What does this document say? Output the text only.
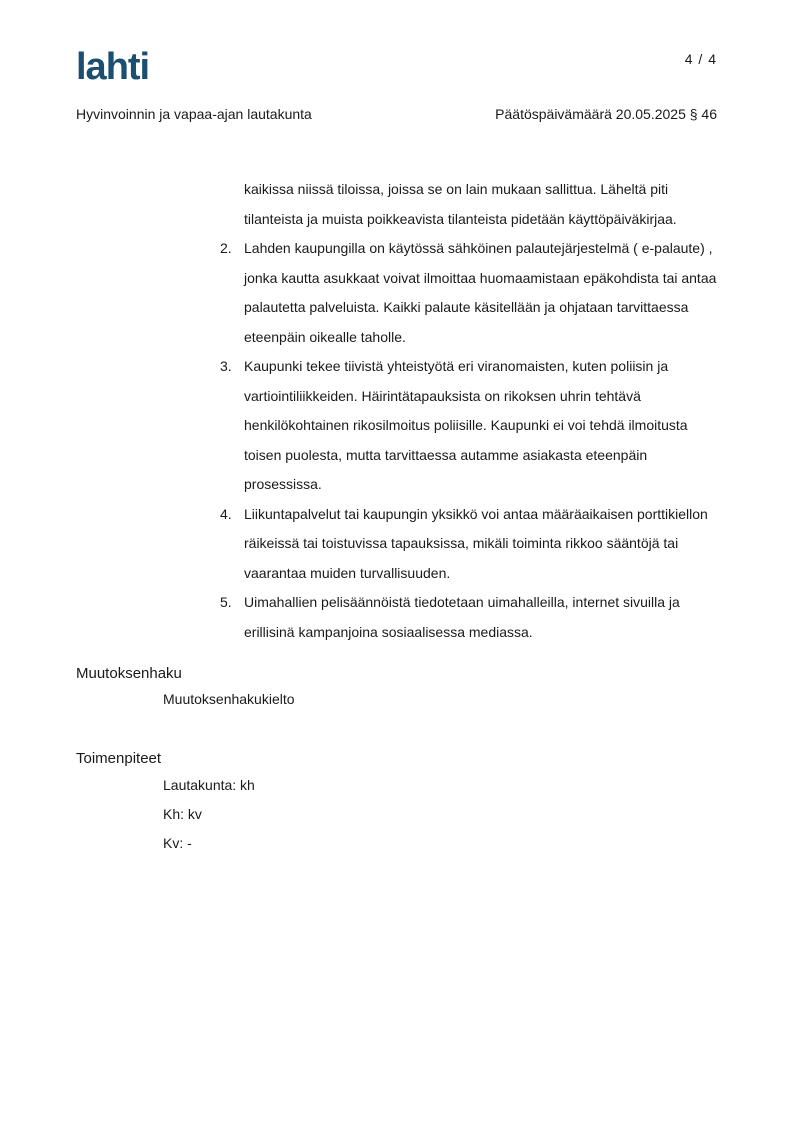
lahti	4 / 4
Hyvinvoinnin ja vapaa-ajan lautakunta	Päätöspäivämäärä 20.05.2025 § 46
kaikissa niissä tiloissa, joissa se on lain mukaan sallittua. Läheltä piti tilanteista ja muista poikkeavista tilanteista pidetään käyttöpäiväkirjaa.
2. Lahden kaupungilla on käytössä sähköinen palautejärjestelmä ( e-palaute) , jonka kautta asukkaat voivat ilmoittaa huomaamistaan epäkohdista tai antaa palautetta palveluista. Kaikki palaute käsitellään ja ohjataan tarvittaessa eteenpäin oikealle taholle.
3. Kaupunki tekee tiivistä yhteistyötä eri viranomaisten, kuten poliisin ja vartiointiliikkeiden. Häirintätapauksista on rikoksen uhrin tehtävä henkilökohtainen rikosilmoitus poliisille. Kaupunki ei voi tehdä ilmoitusta toisen puolesta, mutta tarvittaessa autamme asiakasta eteenpäin prosessissa.
4. Liikuntapalvelut tai kaupungin yksikkö voi antaa määräaikaisen porttikiellon räikeissä tai toistuvissa tapauksissa, mikäli toiminta rikkoo sääntöjä tai vaarantaa muiden turvallisuuden.
5. Uimahallien pelisäännöistä tiedotetaan uimahalleilla, internet sivuilla ja erillisinä kampanjoina sosiaalisessa mediassa.
Muutoksenhaku
Muutoksenhakukielto
Toimenpiteet
Lautakunta: kh
Kh: kv
Kv: -
